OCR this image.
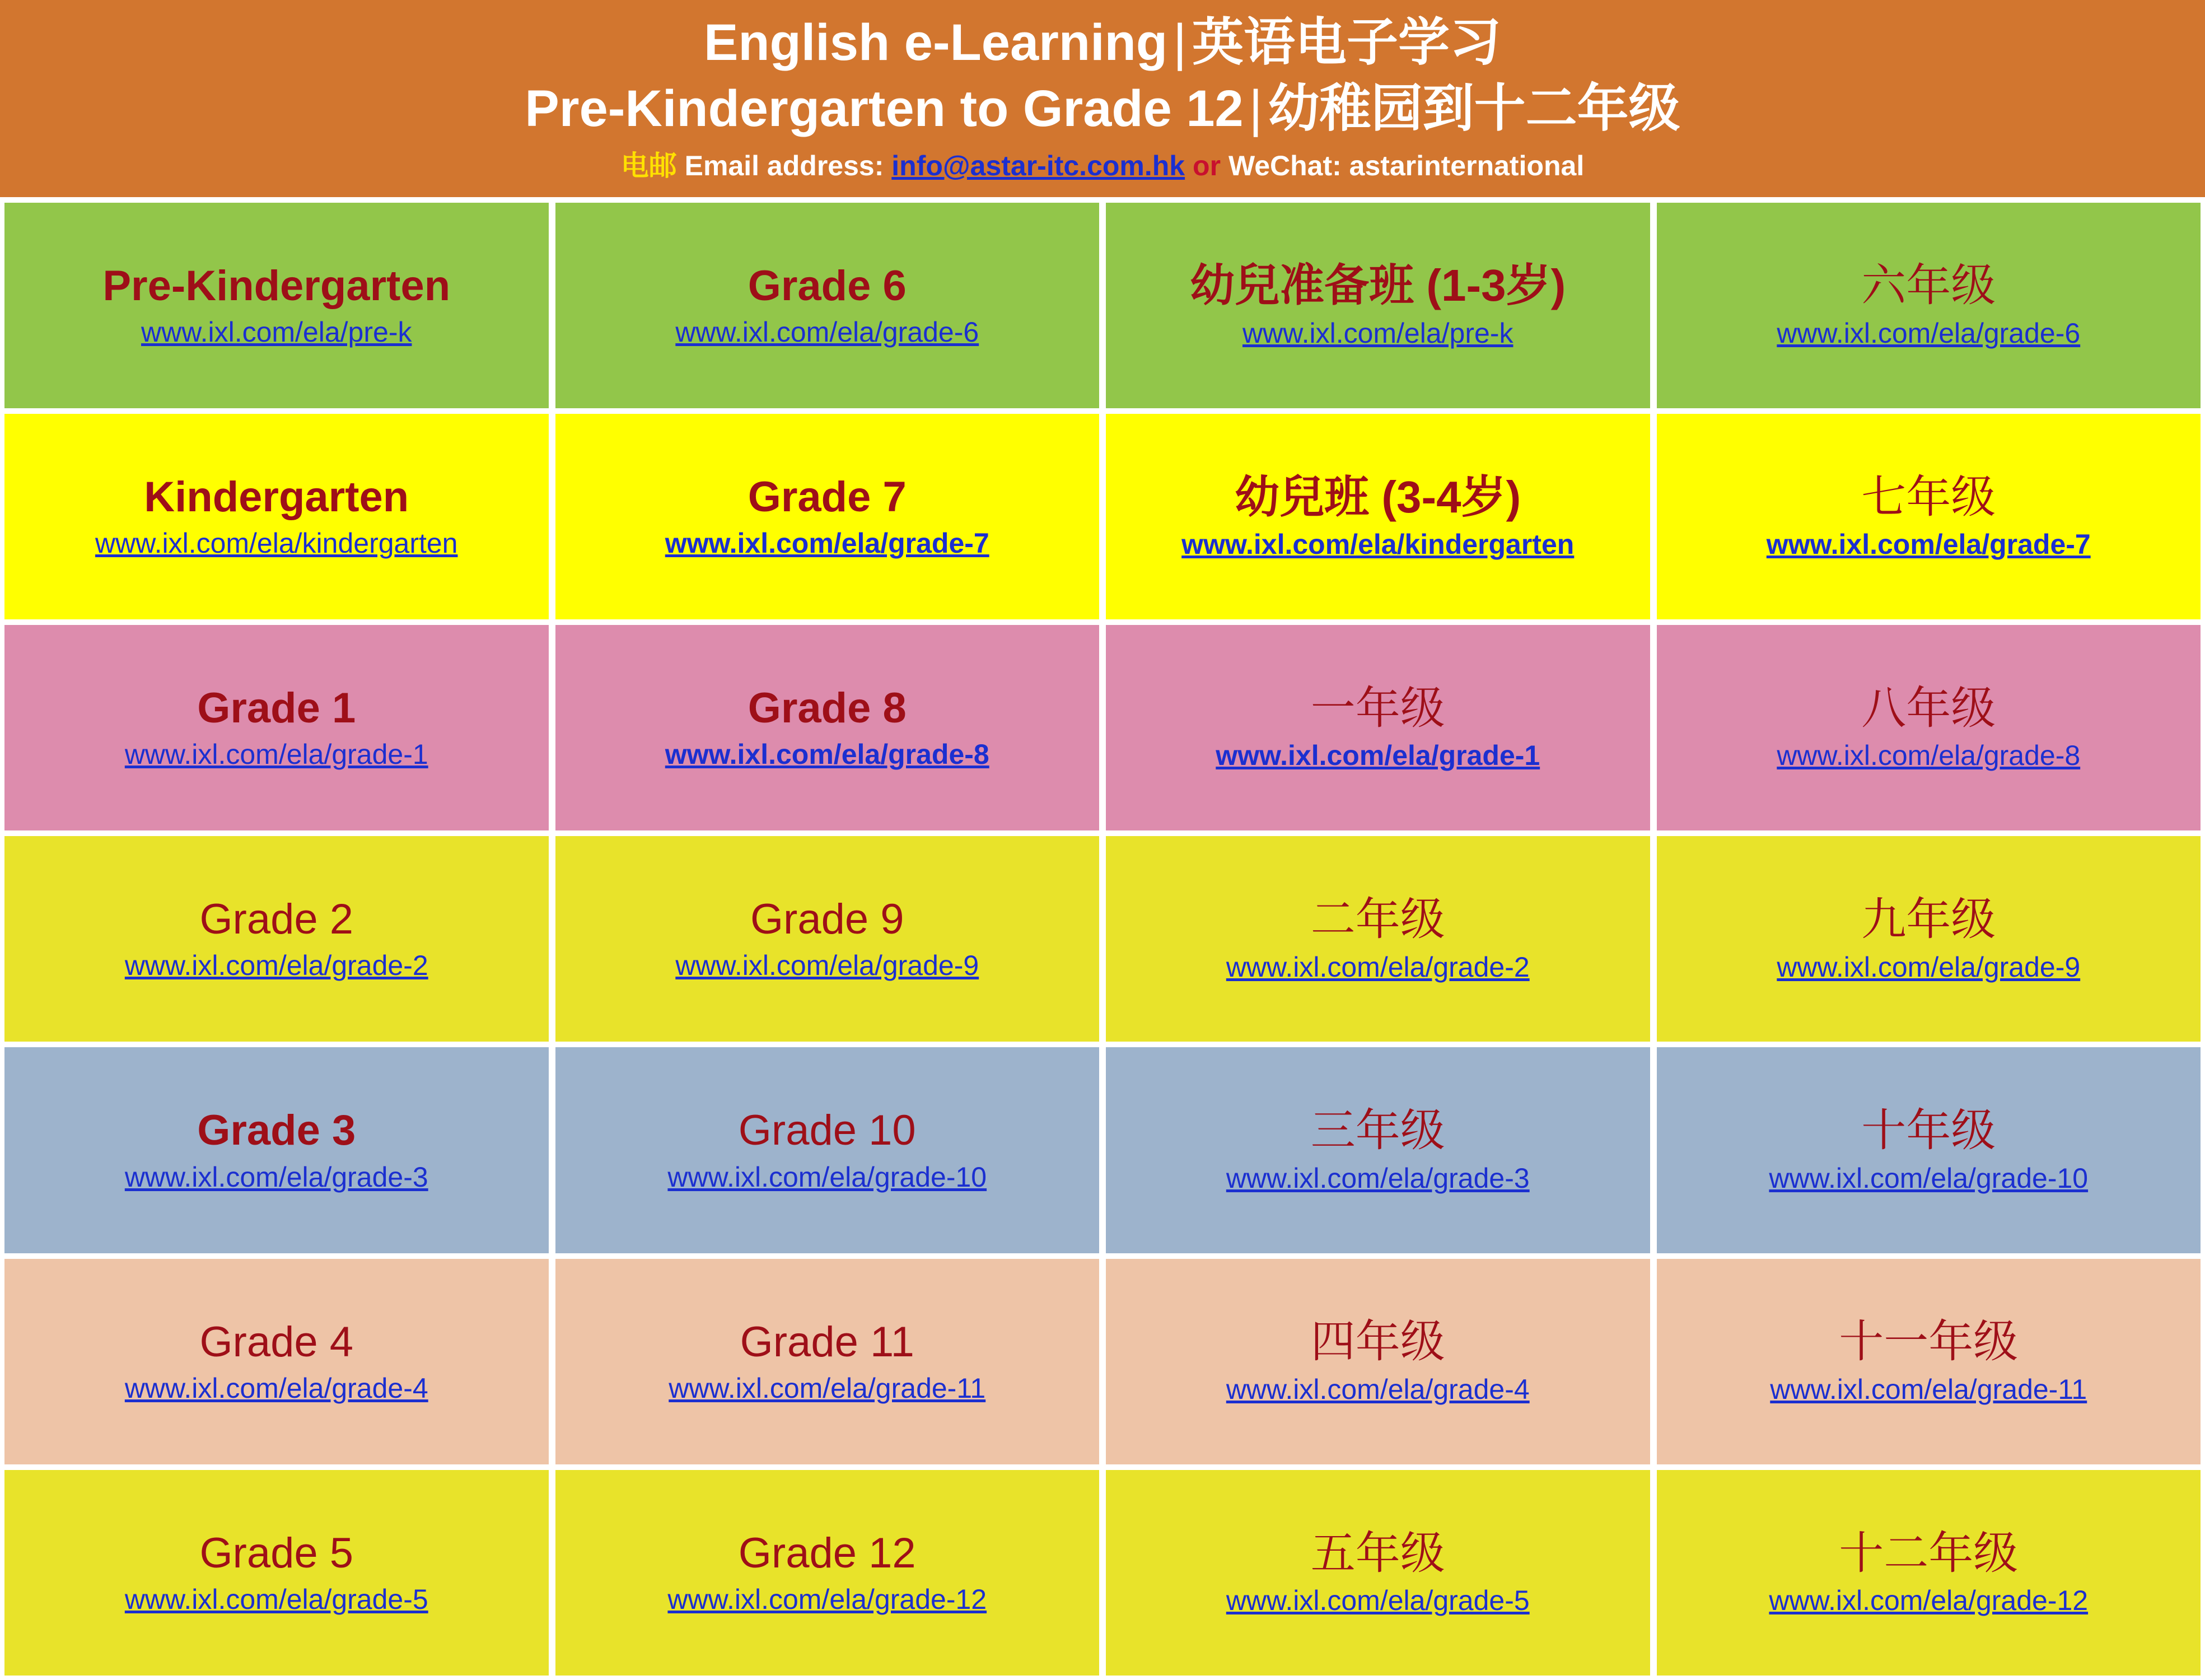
English e-Learning | 英语电子学习
Pre-Kindergarten to Grade 12 | 幼稚园到十二年级
电邮 Email address: info@astar-itc.com.hk or WeChat: astarinternational
Pre-Kindergarten
www.ixl.com/ela/pre-k
Grade 6
www.ixl.com/ela/grade-6
幼兒准备班 (1-3岁)
www.ixl.com/ela/pre-k
六年级
www.ixl.com/ela/grade-6
Kindergarten
www.ixl.com/ela/kindergarten
Grade 7
www.ixl.com/ela/grade-7
幼兒班 (3-4岁)
www.ixl.com/ela/kindergarten
七年级
www.ixl.com/ela/grade-7
Grade 1
www.ixl.com/ela/grade-1
Grade 8
www.ixl.com/ela/grade-8
一年级
www.ixl.com/ela/grade-1
八年级
www.ixl.com/ela/grade-8
Grade 2
www.ixl.com/ela/grade-2
Grade 9
www.ixl.com/ela/grade-9
二年级
www.ixl.com/ela/grade-2
九年级
www.ixl.com/ela/grade-9
Grade 3
www.ixl.com/ela/grade-3
Grade 10
www.ixl.com/ela/grade-10
三年级
www.ixl.com/ela/grade-3
十年级
www.ixl.com/ela/grade-10
Grade 4
www.ixl.com/ela/grade-4
Grade 11
www.ixl.com/ela/grade-11
四年级
www.ixl.com/ela/grade-4
十一年级
www.ixl.com/ela/grade-11
Grade 5
www.ixl.com/ela/grade-5
Grade 12
www.ixl.com/ela/grade-12
五年级
www.ixl.com/ela/grade-5
十二年级
www.ixl.com/ela/grade-12
